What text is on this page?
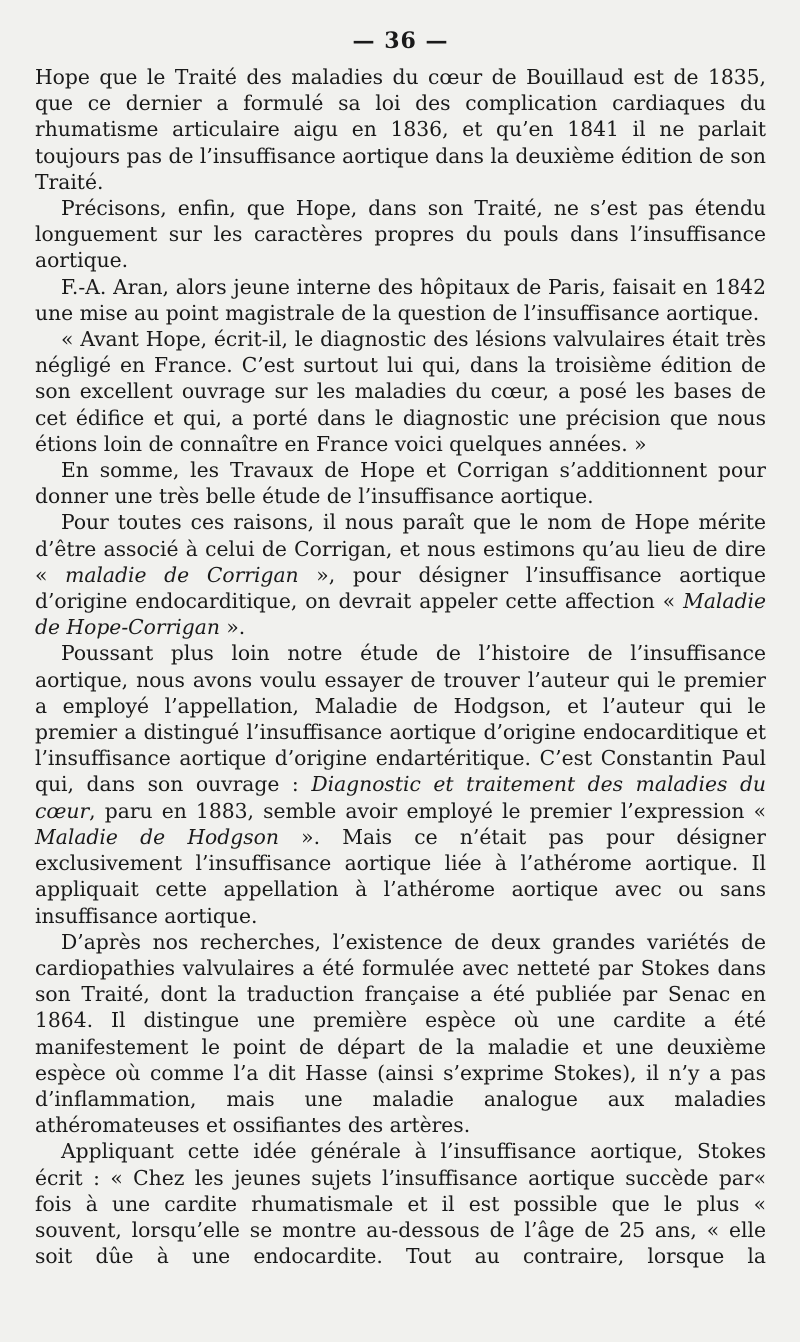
— 36 —

Hope que le Traité des maladies du cœur de Bouillaud est de 1835, que ce dernier a formulé sa loi des complication cardiaques du rhumatisme articulaire aigu en 1836, et qu’en 1841 il ne parlait toujours pas de l’insuffisance aortique dans la deuxième édition de son Traité.

Précisons, enfin, que Hope, dans son Traité, ne s’est pas étendu longuement sur les caractères propres du pouls dans l’insuffisance aortique.

F.-A. Aran, alors jeune interne des hôpitaux de Paris, faisait en 1842 une mise au point magistrale de la question de l’insuffisance aortique.

« Avant Hope, écrit-il, le diagnostic des lésions valvulaires était très négligé en France. C’est surtout lui qui, dans la troisième édition de son excellent ouvrage sur les maladies du cœur, a posé les bases de cet édifice et qui, a porté dans le diagnostic une précision que nous étions loin de connaître en France voici quelques années. »

En somme, les Travaux de Hope et Corrigan s’additionnent pour donner une très belle étude de l’insuffisance aortique.

Pour toutes ces raisons, il nous paraît que le nom de Hope mérite d’être associé à celui de Corrigan, et nous estimons qu’au lieu de dire « maladie de Corrigan », pour désigner l’insuffisance aortique d’origine endocarditique, on devrait appeler cette affection « Maladie de Hope-Corrigan ».

Poussant plus loin notre étude de l’histoire de l’insuffisance aortique, nous avons voulu essayer de trouver l’auteur qui le premier a employé l’appellation, Maladie de Hodgson, et l’auteur qui le premier a distingué l’insuffisance aortique d’origine endocarditique et l’insuffisance aortique d’origine endartéritique. C’est Constantin Paul qui, dans son ouvrage : Diagnostic et traitement des maladies du cœur, paru en 1883, semble avoir employé le premier l’expression « Maladie de Hodgson ». Mais ce n’était pas pour désigner exclusivement l’insuffisance aortique liée à l’athérome aortique. Il appliquait cette appellation à l’athérome aortique avec ou sans insuffisance aortique.

D’après nos recherches, l’existence de deux grandes variétés de cardiopathies valvulaires a été formulée avec netteté par Stokes dans son Traité, dont la traduction française a été publiée par Senac en 1864. Il distingue une première espèce où une cardite a été manifestement le point de départ de la maladie et une deuxième espèce où comme l’a dit Hasse (ainsi s’exprime Stokes), il n’y a pas d’inflammation, mais une maladie analogue aux maladies athéromateuses et ossifiantes des artères.

Appliquant cette idée générale à l’insuffisance aortique, Stokes écrit : « Chez les jeunes sujets l’insuffisance aortique succède par« fois à une cardite rhumatismale et il est possible que le plus « souvent, lorsqu’elle se montre au-dessous de l’âge de 25 ans, « elle soit dûe à une endocardite. Tout au contraire, lorsque la
